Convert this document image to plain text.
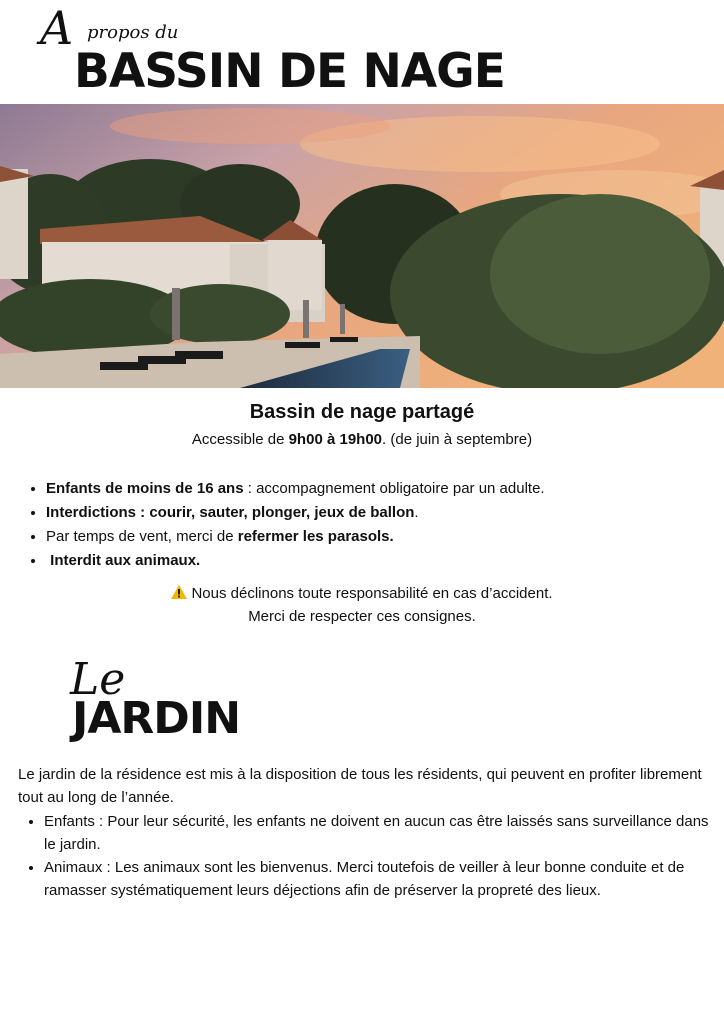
A propos du
BASSIN DE NAGE
Bassin de nage partagé
Accessible de 9h00 à 19h00. (de juin à septembre)
• Enfants de moins de 16 ans : accompagnement obligatoire par un adulte.
• Interdictions : courir, sauter, plonger, jeux de ballon.
• Par temps de vent, merci de refermer les parasols.
•  Interdit aux animaux.
Nous déclinons toute responsabilité en cas d’accident.
Merci de respecter ces consignes.
Le
JARDIN
Le jardin de la résidence est mis à la disposition de tous les résidents, qui peuvent en profiter librement tout au long de l’année.
• Enfants : Pour leur sécurité, les enfants ne doivent en aucun cas être laissés sans surveillance dans le jardin.
• Animaux : Les animaux sont les bienvenus. Merci toutefois de veiller à leur bonne conduite et de ramasser systématiquement leurs déjections afin de préserver la propreté des lieux.
